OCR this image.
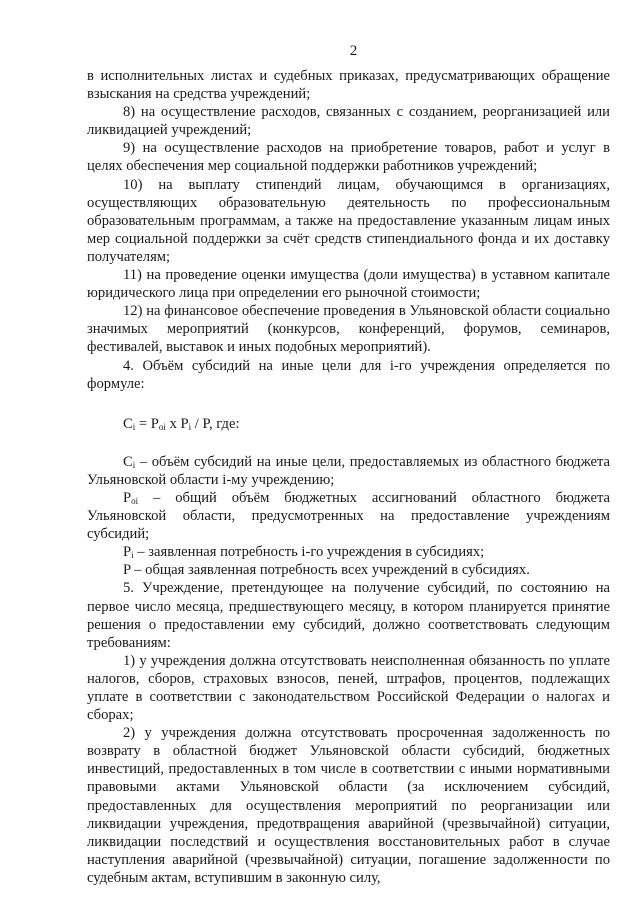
2

в исполнительных листах и судебных приказах, предусматривающих обращение взыскания на средства учреждений;

8) на осуществление расходов, связанных с созданием, реорганизацией или ликвидацией учреждений;

9) на осуществление расходов на приобретение товаров, работ и услуг в целях обеспечения мер социальной поддержки работников учреждений;

10) на выплату стипендий лицам, обучающимся в организациях, осуществляющих образовательную деятельность по профессиональным образовательным программам, а также на предоставление указанным лицам иных мер социальной поддержки за счёт средств стипендиального фонда и их доставку получателям;

11) на проведение оценки имущества (доли имущества) в уставном капитале юридического лица при определении его рыночной стоимости;

12) на финансовое обеспечение проведения в Ульяновской области социально значимых мероприятий (конкурсов, конференций, форумов, семинаров, фестивалей, выставок и иных подобных мероприятий).

4. Объём субсидий на иные цели для i-го учреждения определяется по формуле:

$C_i = P_{oi}$ x $P_i$ / P, где:

$C_i$ – объём субсидий на иные цели, предоставляемых из областного бюджета Ульяновской области i-му учреждению;

$P_{oi}$ – общий объём бюджетных ассигнований областного бюджета Ульяновской области, предусмотренных на предоставление учреждениям субсидий;

$P_i$ – заявленная потребность i-го учреждения в субсидиях;

P – общая заявленная потребность всех учреждений в субсидиях.

5. Учреждение, претендующее на получение субсидий, по состоянию на первое число месяца, предшествующего месяцу, в котором планируется принятие решения о предоставлении ему субсидий, должно соответствовать следующим требованиям:

1) у учреждения должна отсутствовать неисполненная обязанность по уплате налогов, сборов, страховых взносов, пеней, штрафов, процентов, подлежащих уплате в соответствии с законодательством Российской Федерации о налогах и сборах;

2) у учреждения должна отсутствовать просроченная задолженность по возврату в областной бюджет Ульяновской области субсидий, бюджетных инвестиций, предоставленных в том числе в соответствии с иными нормативными правовыми актами Ульяновской области (за исключением субсидий, предоставленных для осуществления мероприятий по реорганизации или ликвидации учреждения, предотвращения аварийной (чрезвычайной) ситуации, ликвидации последствий и осуществления восстановительных работ в случае наступления аварийной (чрезвычайной) ситуации, погашение задолженности по судебным актам, вступившим в законную силу,
